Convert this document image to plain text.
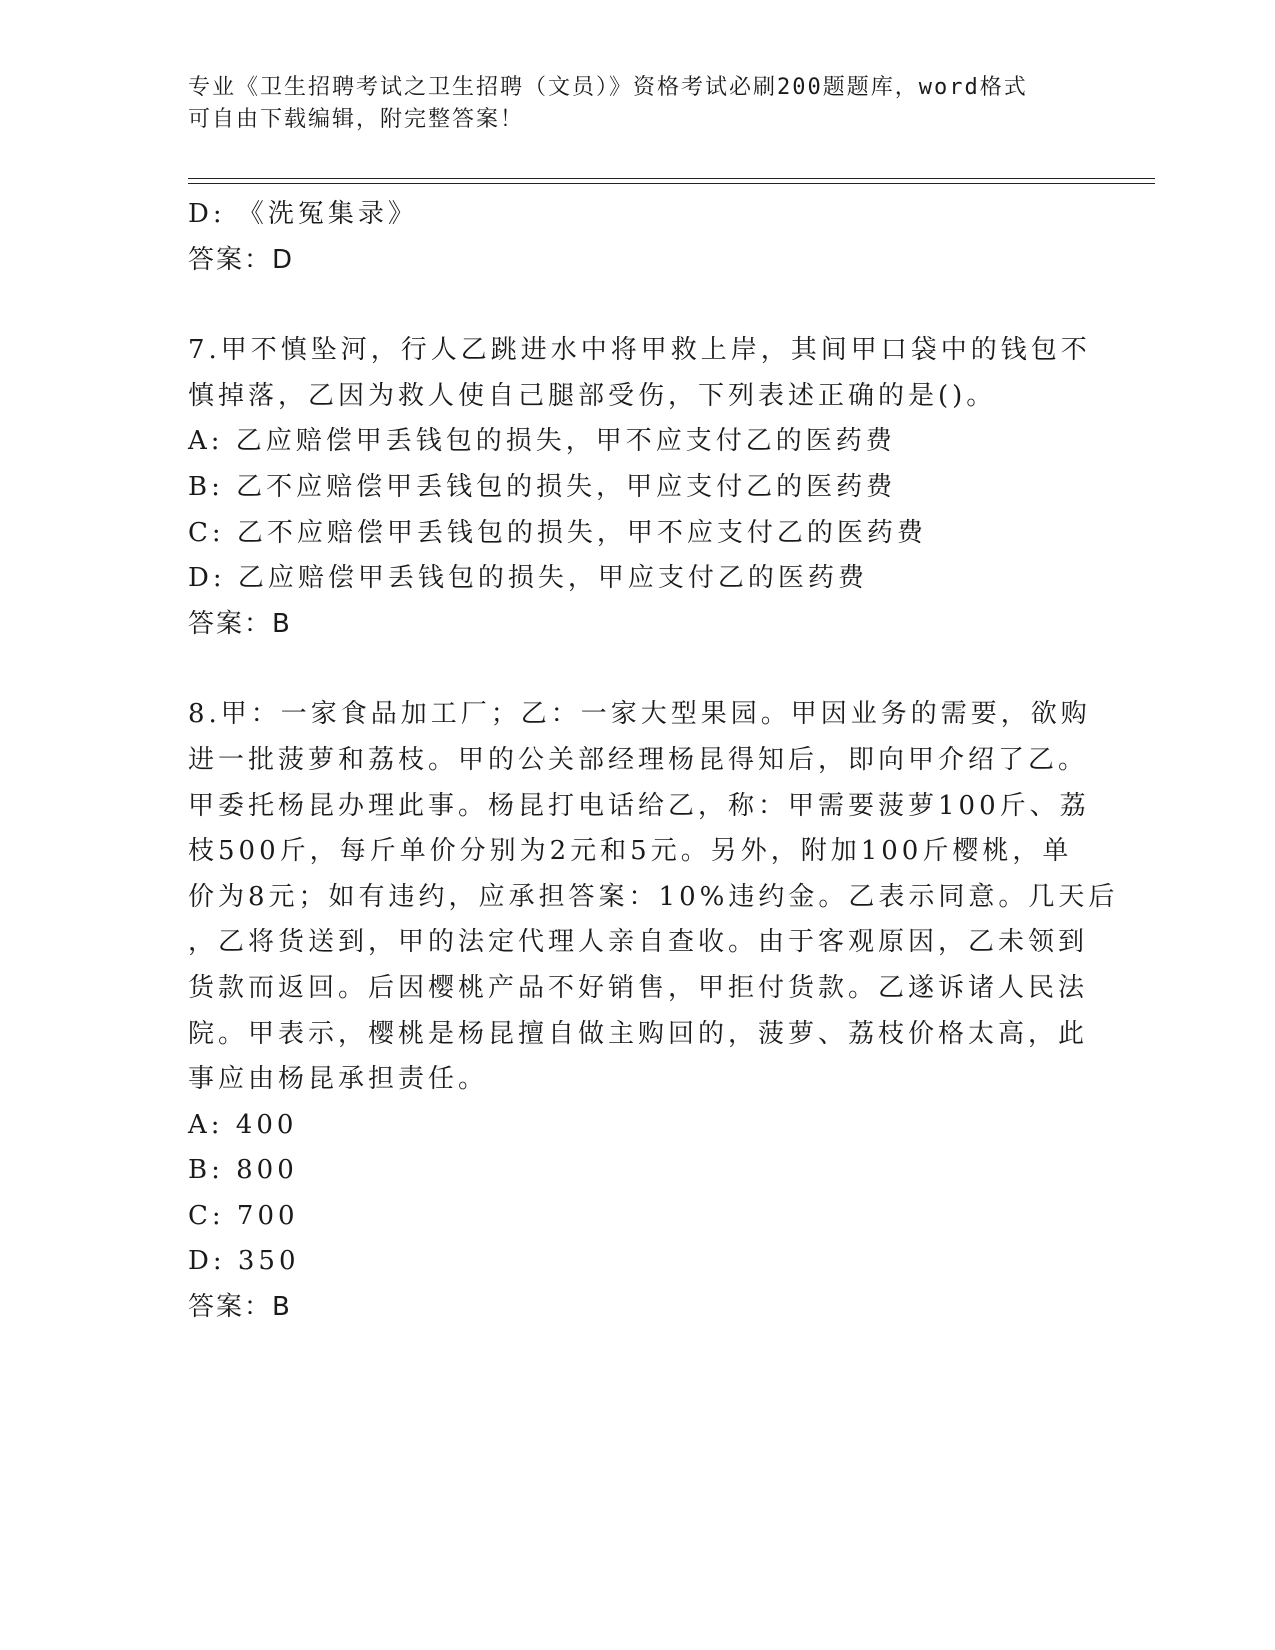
专业《卫生招聘考试之卫生招聘（文员）》资格考试必刷200题题库，word格式
可自由下载编辑，附完整答案！
D: 《洗冤集录》
答案：D
7.甲不慎坠河，行人乙跳进水中将甲救上岸，其间甲口袋中的钱包不
慎掉落，乙因为救人使自己腿部受伤，下列表述正确的是()。
A: 乙应赔偿甲丢钱包的损失，甲不应支付乙的医药费
B: 乙不应赔偿甲丢钱包的损失，甲应支付乙的医药费
C: 乙不应赔偿甲丢钱包的损失，甲不应支付乙的医药费
D: 乙应赔偿甲丢钱包的损失，甲应支付乙的医药费
答案：B
8.甲：一家食品加工厂；乙：一家大型果园。甲因业务的需要，欲购
进一批菠萝和荔枝。甲的公关部经理杨昆得知后，即向甲介绍了乙。
甲委托杨昆办理此事。杨昆打电话给乙，称：甲需要菠萝100斤、荔
枝500斤，每斤单价分别为2元和5元。另外，附加100斤樱桃，单
价为8元；如有违约，应承担答案：10%违约金。乙表示同意。几天后
，乙将货送到，甲的法定代理人亲自查收。由于客观原因，乙未领到
货款而返回。后因樱桃产品不好销售，甲拒付货款。乙遂诉诸人民法
院。甲表示，樱桃是杨昆擅自做主购回的，菠萝、荔枝价格太高，此
事应由杨昆承担责任。
A: 400
B: 800
C: 700
D: 350
答案：B
